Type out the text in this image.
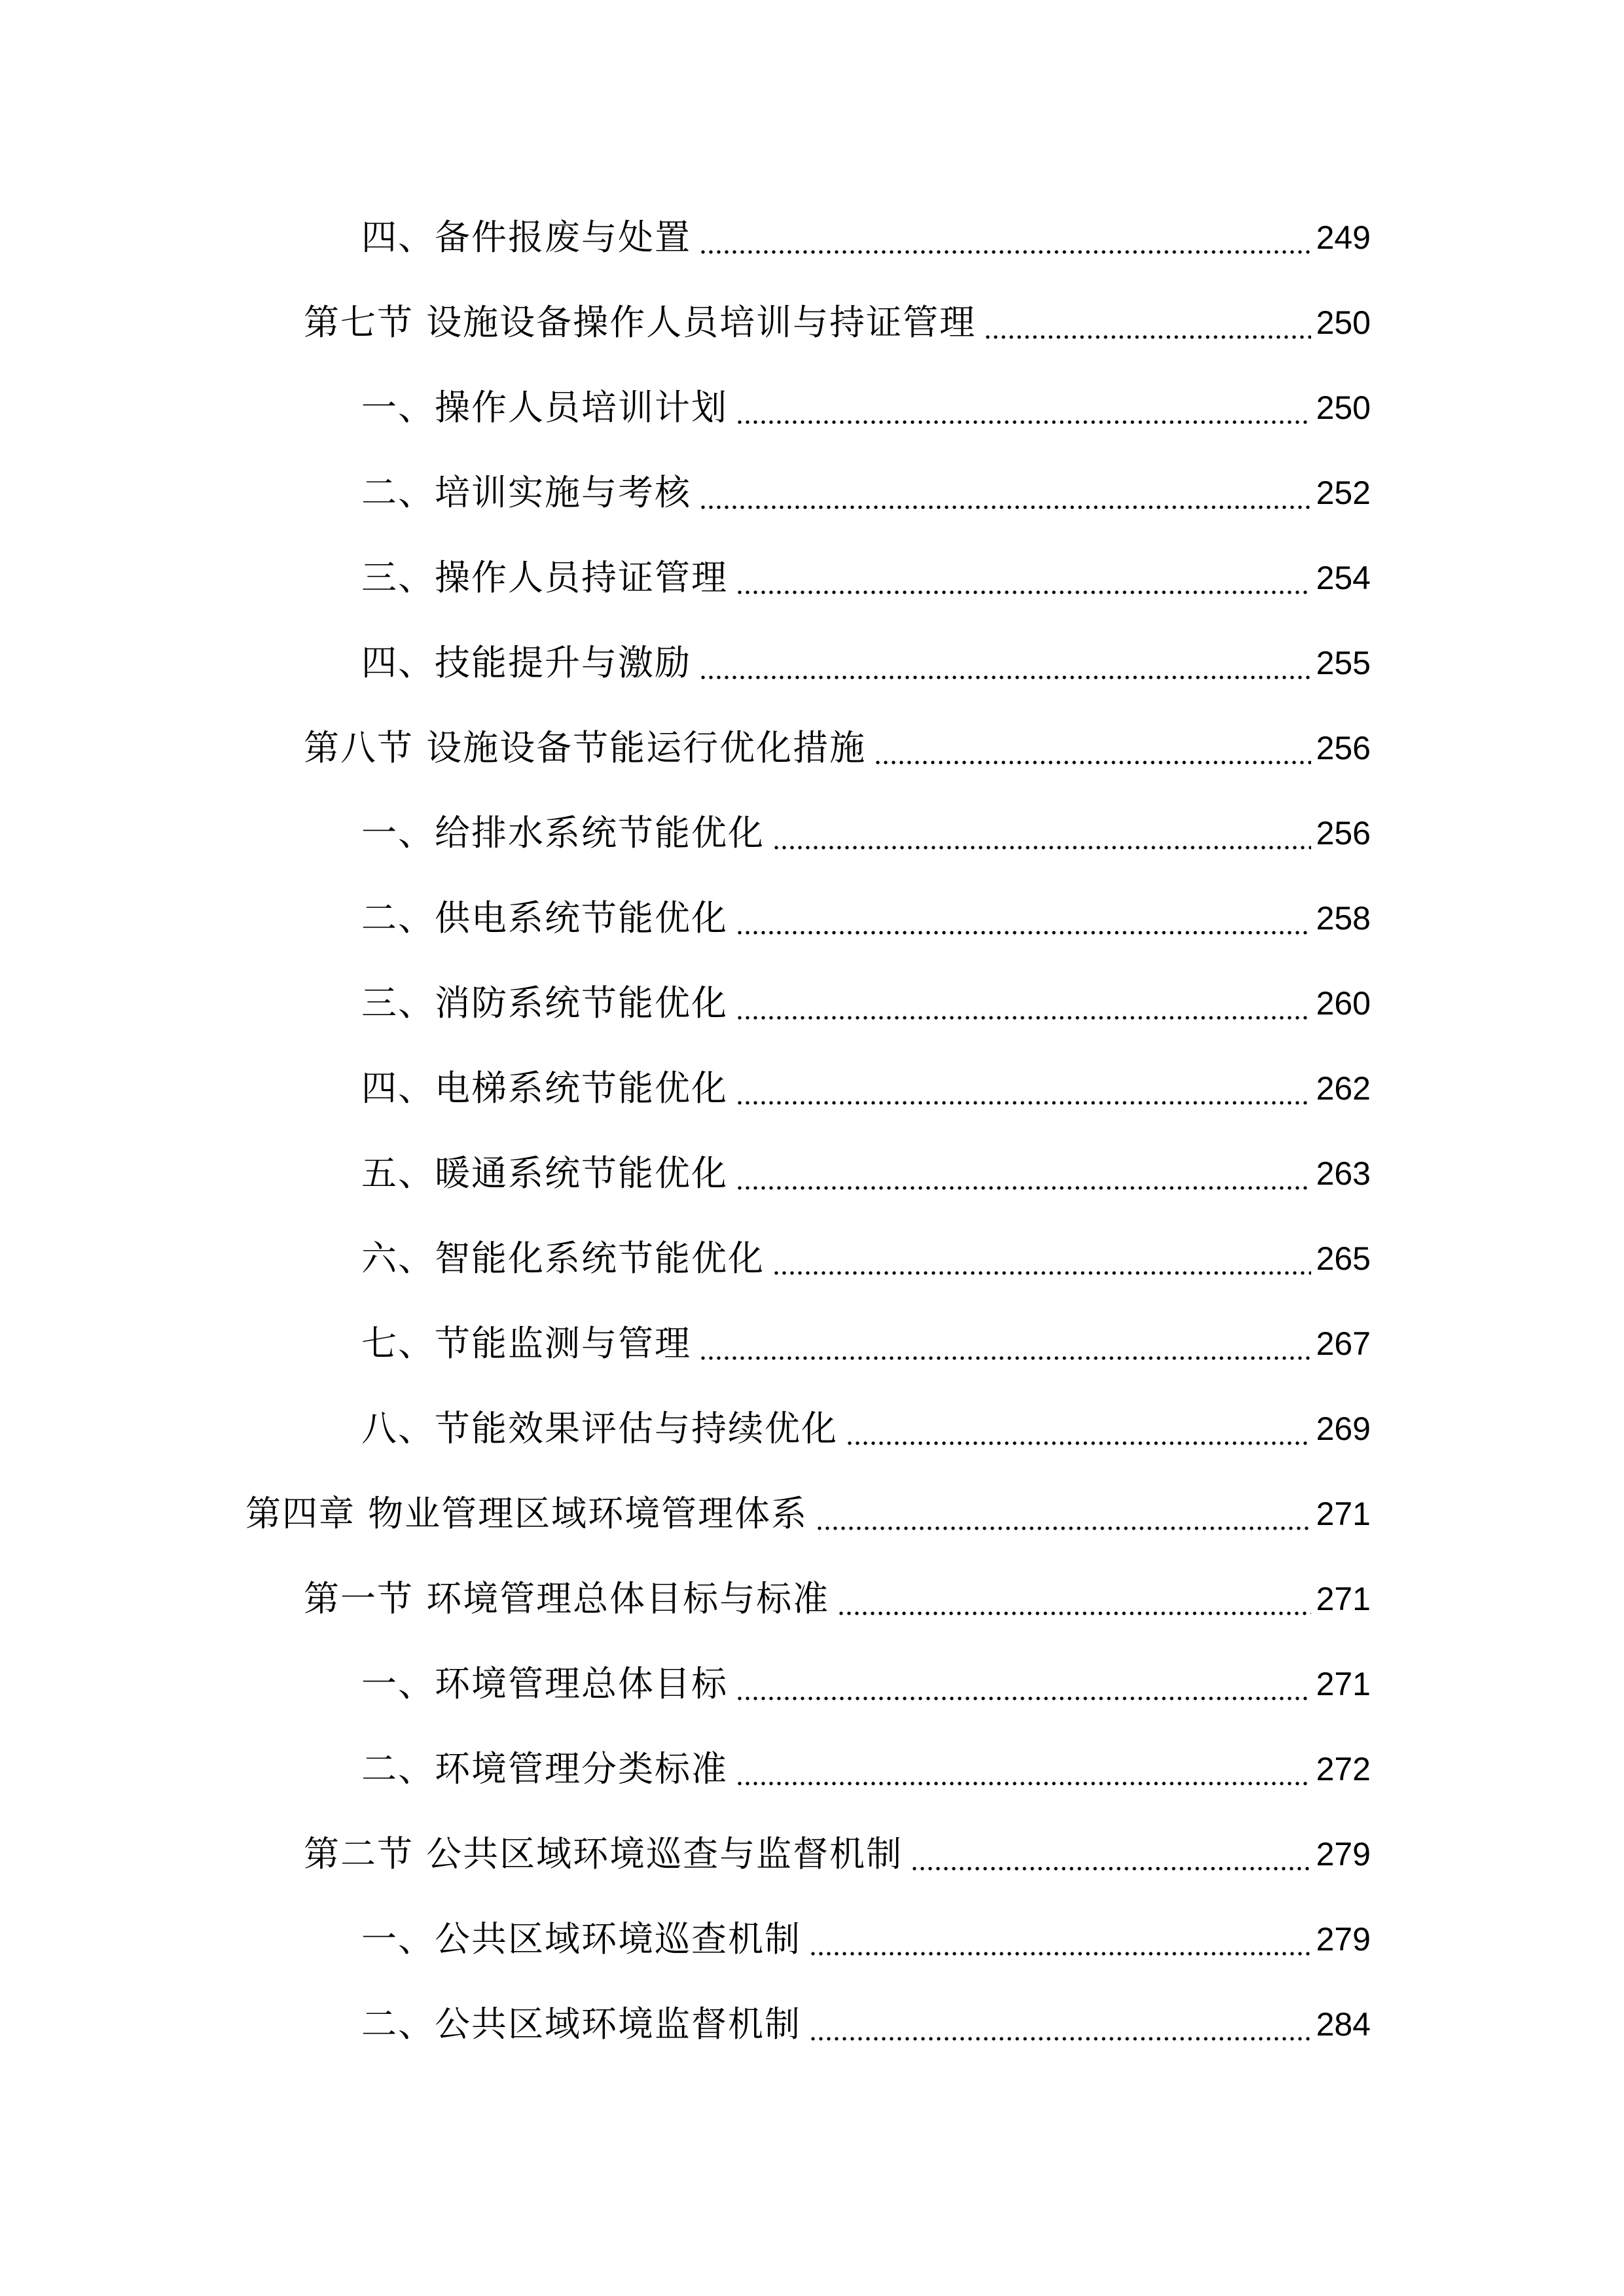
四、备件报废与处置	249
第七节 设施设备操作人员培训与持证管理	250
一、操作人员培训计划	250
二、培训实施与考核	252
三、操作人员持证管理	254
四、技能提升与激励	255
第八节 设施设备节能运行优化措施	256
一、给排水系统节能优化	256
二、供电系统节能优化	258
三、消防系统节能优化	260
四、电梯系统节能优化	262
五、暖通系统节能优化	263
六、智能化系统节能优化	265
七、节能监测与管理	267
八、节能效果评估与持续优化	269
第四章 物业管理区域环境管理体系	271
第一节 环境管理总体目标与标准	271
一、环境管理总体目标	271
二、环境管理分类标准	272
第二节 公共区域环境巡查与监督机制	279
一、公共区域环境巡查机制	279
二、公共区域环境监督机制	284
